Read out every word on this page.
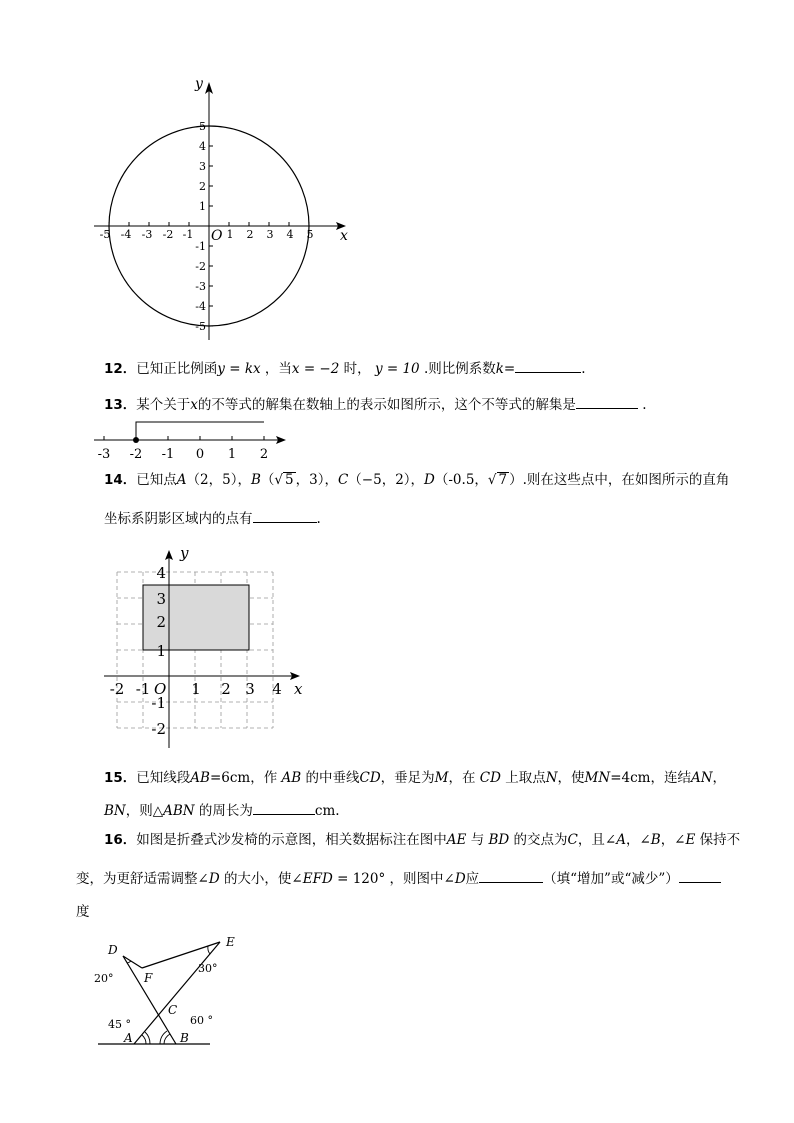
-5 -4 -3 -2 -1	1 2 3 4 5
5
4
3
2
1
-1
-2
-3
-4
-5
O	x
y
12．已知正比例函y = kx ，当x = −2 时， y = 10 .则比例系数k=	.
13．某个关于x的不等式的解集在数轴上的表示如图所示，这个不等式的解集是	.
-3 -2 -1 0 1 2
14．已知点A（2，5），B（√ 5 ，3），C（−5，2），D（-0.5，√ 7 ）.则在这些点中，在如图所示的直角
坐标系阴影区域内的点有	.
-2 -1	1 2 3 4
4
3
2
1
-1
-2
O	x
y
15．已知线段AB=6cm，作 AB 的中垂线CD，垂足为M，在 CD 上取点N，使MN=4cm，连结AN，
BN，则△ABN 的周长为	cm.
16．如图是折叠式沙发椅的示意图，相关数据标注在图中AE 与 BD 的交点为C，且∠A，∠B，∠E 保持不
变，为更舒适需调整∠D 的大小，使∠EFD = 120° ，则图中∠D应	（填“增加”或“减少”）
度
D
E
F
C
A	B
20°
30°
45 °	60 °
